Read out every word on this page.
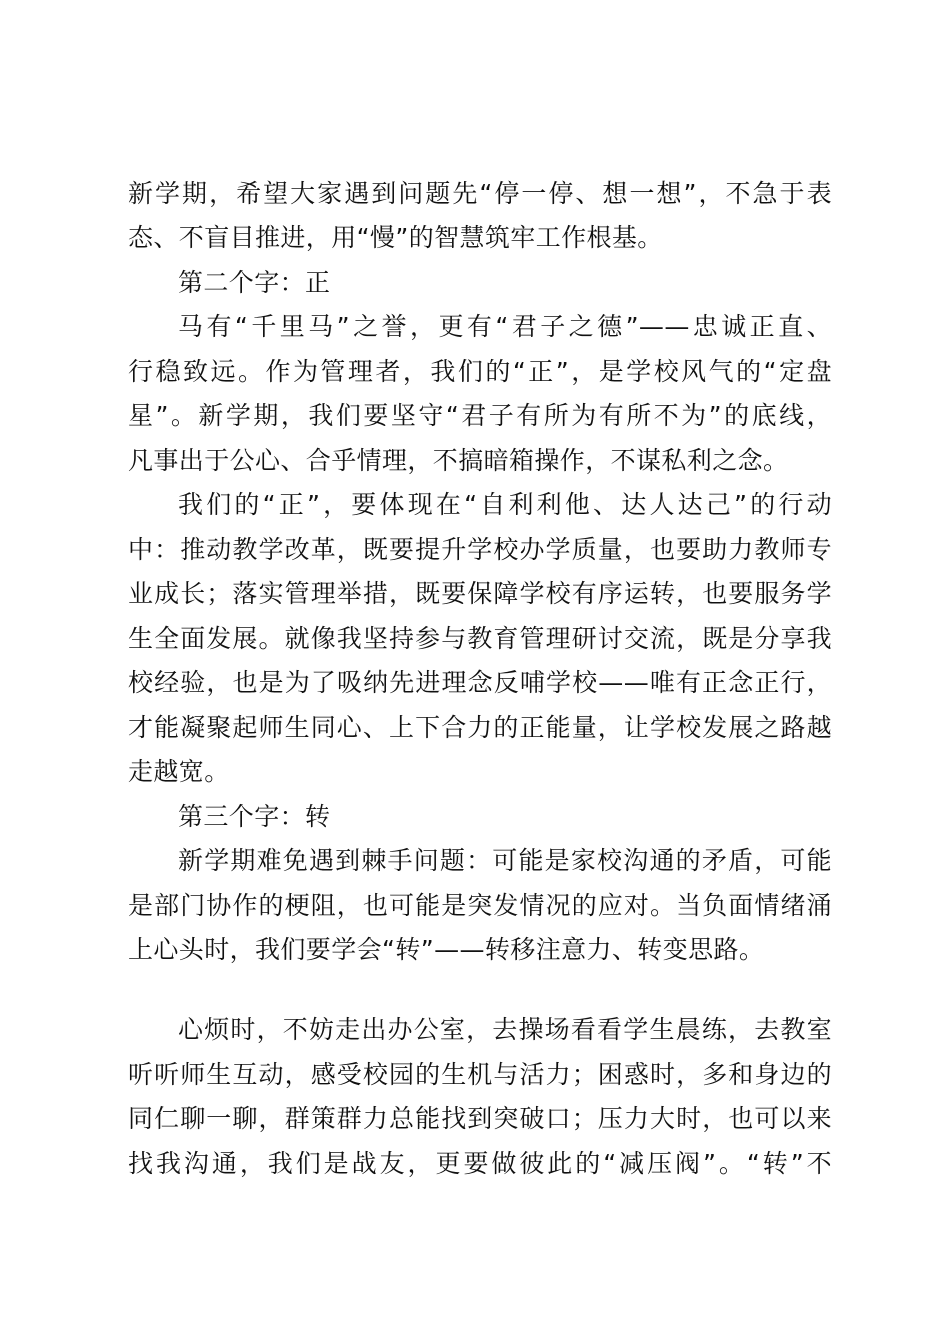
新学期，希望大家遇到问题先“停一停、想一想”，不急于表
态、不盲目推进，用“慢”的智慧筑牢工作根基。
第二个字：正
马有“千里马”之誉，更有“君子之德”——忠诚正直、
行稳致远。作为管理者，我们的“正”，是学校风气的“定盘
星”。新学期，我们要坚守“君子有所为有所不为”的底线，
凡事出于公心、合乎情理，不搞暗箱操作，不谋私利之念。
我们的“正”，要体现在“自利利他、达人达己”的行动
中：推动教学改革，既要提升学校办学质量，也要助力教师专
业成长；落实管理举措，既要保障学校有序运转，也要服务学
生全面发展。就像我坚持参与教育管理研讨交流，既是分享我
校经验，也是为了吸纳先进理念反哺学校——唯有正念正行，
才能凝聚起师生同心、上下合力的正能量，让学校发展之路越
走越宽。
第三个字：转
新学期难免遇到棘手问题：可能是家校沟通的矛盾，可能
是部门协作的梗阻，也可能是突发情况的应对。当负面情绪涌
上心头时，我们要学会“转”——转移注意力、转变思路。
心烦时，不妨走出办公室，去操场看看学生晨练，去教室
听听师生互动，感受校园的生机与活力；困惑时，多和身边的
同仁聊一聊，群策群力总能找到突破口；压力大时，也可以来
找我沟通，我们是战友，更要做彼此的“减压阀”。“转”不
